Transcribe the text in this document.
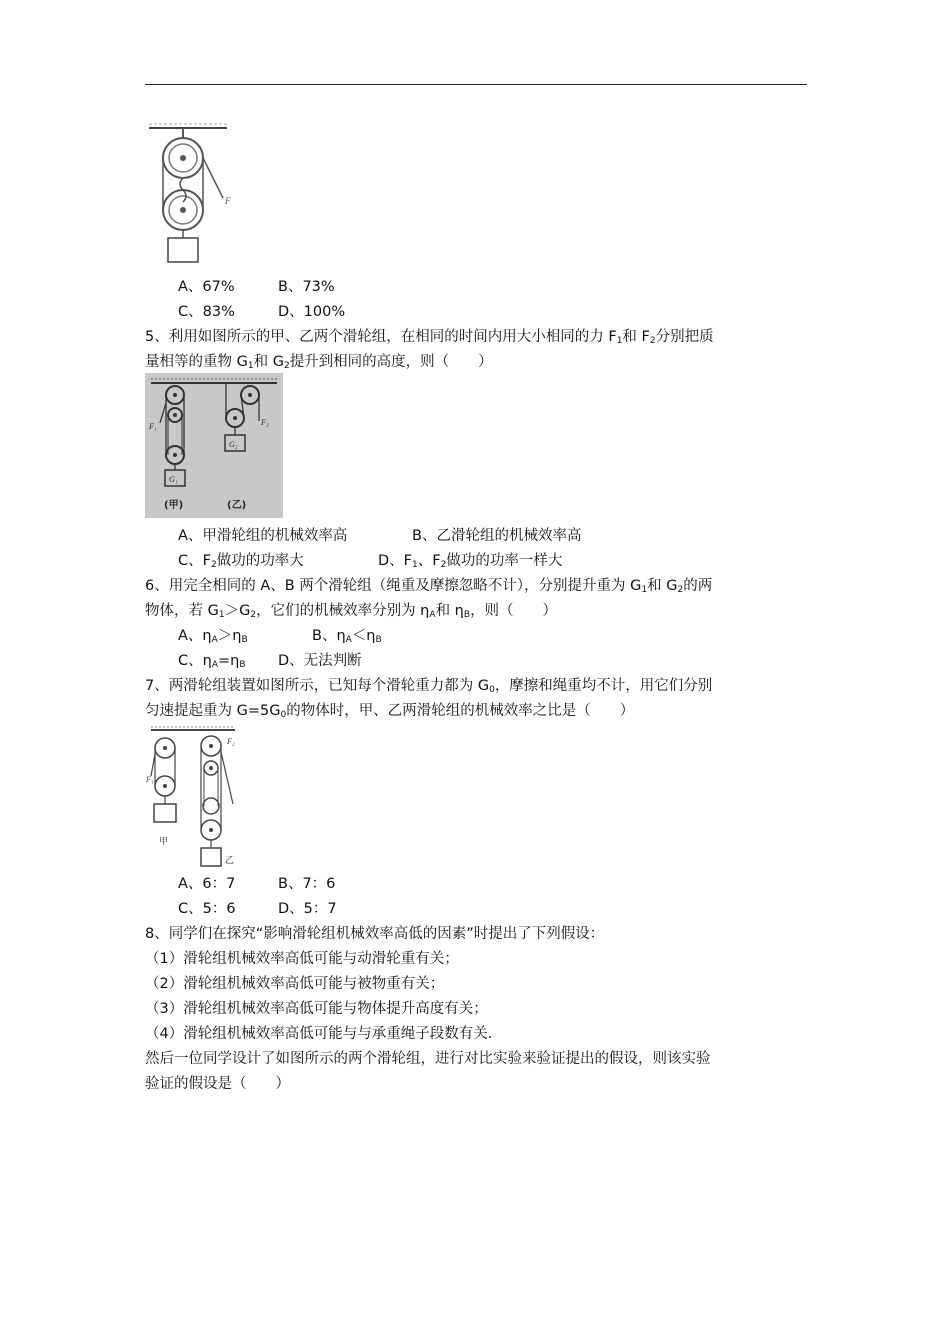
F
A、67%	B、73%
C、83%	D、100%
5、利用如图所示的甲、乙两个滑轮组，在相同的时间内用大小相同的力 $F_1$和 $F_2$分别把质
量相等的重物 $G_1$和 $G_2$提升到相同的高度，则（　　）
F₁
G₁
(甲)
F₂
G₂
(乙)
A、甲滑轮组的机械效率高	B、乙滑轮组的机械效率高
C、$F_2$做功的功率大	D、$F_1$、$F_2$做功的功率一样大
6、用完全相同的 A、B 两个滑轮组（绳重及摩擦忽略不计），分别提升重为 $G_1$和 $G_2$的两
物体，若 $G_1>G_2$，它们的机械效率分别为 $\eta_A$和 $\eta_B$，则（　　）
A、$\eta_A>\eta_B$	B、$\eta_A<\eta_B$
C、$\eta_A=\eta_B$ D、无法判断
7、两滑轮组装置如图所示，已知每个滑轮重力都为 $G_0$，摩擦和绳重均不计，用它们分别
匀速提起重为 $G=5G_0$的物体时，甲、乙两滑轮组的机械效率之比是（　　）
F₁
甲
F₂
乙
A、6：7	B、7：6
C、5：6	D、5：7
8、同学们在探究“影响滑轮组机械效率高低的因素”时提出了下列假设：
（1）滑轮组机械效率高低可能与动滑轮重有关；
（2）滑轮组机械效率高低可能与被物重有关；
（3）滑轮组机械效率高低可能与物体提升高度有关；
（4）滑轮组机械效率高低可能与与承重绳子段数有关.
然后一位同学设计了如图所示的两个滑轮组，进行对比实验来验证提出的假设，则该实验
验证的假设是（　　）
